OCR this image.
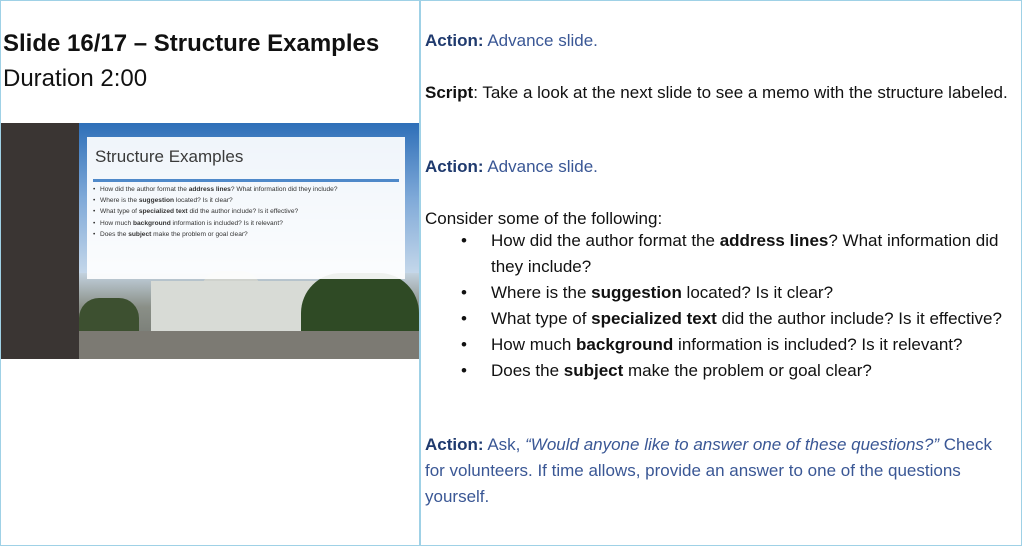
Slide 16/17 – Structure Examples
Duration 2:00
Structure Examples
• How did the author format the address lines? What information did they include?
• Where is the suggestion located? Is it clear?
• What type of specialized text did the author include? Is it effective?
• How much background information is included? Is it relevant?
• Does the subject make the problem or goal clear?

Action: Advance slide.

Script: Take a look at the next slide to see a memo with the structure labeled.

Action: Advance slide.

Consider some of the following:

• How did the author format the address lines? What information did they include?
• Where is the suggestion located? Is it clear?
• What type of specialized text did the author include? Is it effective?
• How much background information is included? Is it relevant?
• Does the subject make the problem or goal clear?

Action: Ask, “Would anyone like to answer one of these questions?” Check for volunteers. If time allows, provide an answer to one of the questions yourself.
